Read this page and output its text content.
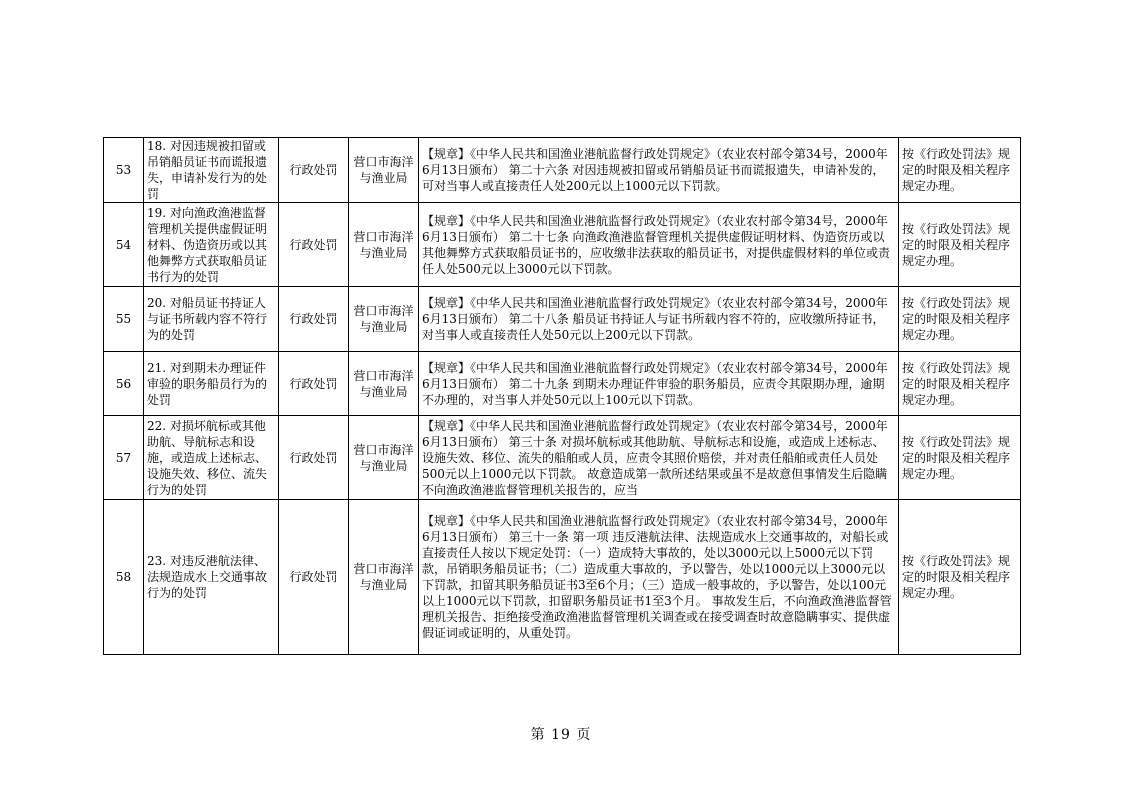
53	18. 对因违规被扣留或吊销船员证书而谎报遗失，申请补发行为的处罚	行政处罚	营口市海洋与渔业局	【规章】《中华人民共和国渔业港航监督行政处罚规定》（农业农村部令第34号，2000年6月13日颁布） 第二十六条 对因违规被扣留或吊销船员证书而谎报遗失，申请补发的，可对当事人或直接责任人处200元以上1000元以下罚款。	按《行政处罚法》规定的时限及相关程序规定办理。
54	19. 对向渔政渔港监督管理机关提供虚假证明材料、伪造资历或以其他舞弊方式获取船员证书行为的处罚	行政处罚	营口市海洋与渔业局	【规章】《中华人民共和国渔业港航监督行政处罚规定》（农业农村部令第34号，2000年6月13日颁布） 第二十七条 向渔政渔港监督管理机关提供虚假证明材料、伪造资历或以其他舞弊方式获取船员证书的，应收缴非法获取的船员证书，对提供虚假材料的单位或责任人处500元以上3000元以下罚款。	按《行政处罚法》规定的时限及相关程序规定办理。
55	20. 对船员证书持证人与证书所载内容不符行为的处罚	行政处罚	营口市海洋与渔业局	【规章】《中华人民共和国渔业港航监督行政处罚规定》（农业农村部令第34号，2000年6月13日颁布） 第二十八条 船员证书持证人与证书所载内容不符的，应收缴所持证书，对当事人或直接责任人处50元以上200元以下罚款。	按《行政处罚法》规定的时限及相关程序规定办理。
56	21. 对到期未办理证件审验的职务船员行为的处罚	行政处罚	营口市海洋与渔业局	【规章】《中华人民共和国渔业港航监督行政处罚规定》（农业农村部令第34号，2000年6月13日颁布） 第二十九条 到期未办理证件审验的职务船员，应责令其限期办理，逾期不办理的，对当事人并处50元以上100元以下罚款。	按《行政处罚法》规定的时限及相关程序规定办理。
57	22. 对损坏航标或其他助航、导航标志和设施，或造成上述标志、设施失效、移位、流失行为的处罚	行政处罚	营口市海洋与渔业局	【规章】《中华人民共和国渔业港航监督行政处罚规定》（农业农村部令第34号，2000年6月13日颁布） 第三十条 对损坏航标或其他助航、导航标志和设施，或造成上述标志、设施失效、移位、流失的船舶或人员，应责令其照价赔偿，并对责任船舶或责任人员处500元以上1000元以下罚款。 故意造成第一款所述结果或虽不是故意但事情发生后隐瞒不向渔政渔港监督管理机关报告的，应当	按《行政处罚法》规定的时限及相关程序规定办理。
58	23. 对违反港航法律、法规造成水上交通事故行为的处罚	行政处罚	营口市海洋与渔业局	【规章】《中华人民共和国渔业港航监督行政处罚规定》（农业农村部令第34号，2000年6月13日颁布） 第三十一条 第一项 违反港航法律、法规造成水上交通事故的，对船长或直接责任人按以下规定处罚：（一）造成特大事故的，处以3000元以上5000元以下罚款，吊销职务船员证书；（二）造成重大事故的，予以警告，处以1000元以上3000元以下罚款，扣留其职务船员证书3至6个月；（三）造成一般事故的，予以警告，处以100元以上1000元以下罚款，扣留职务船员证书1至3个月。 事故发生后，不向渔政渔港监督管理机关报告、拒绝接受渔政渔港监督管理机关调查或在接受调查时故意隐瞒事实、提供虚假证词或证明的，从重处罚。	按《行政处罚法》规定的时限及相关程序规定办理。
第 19 页
